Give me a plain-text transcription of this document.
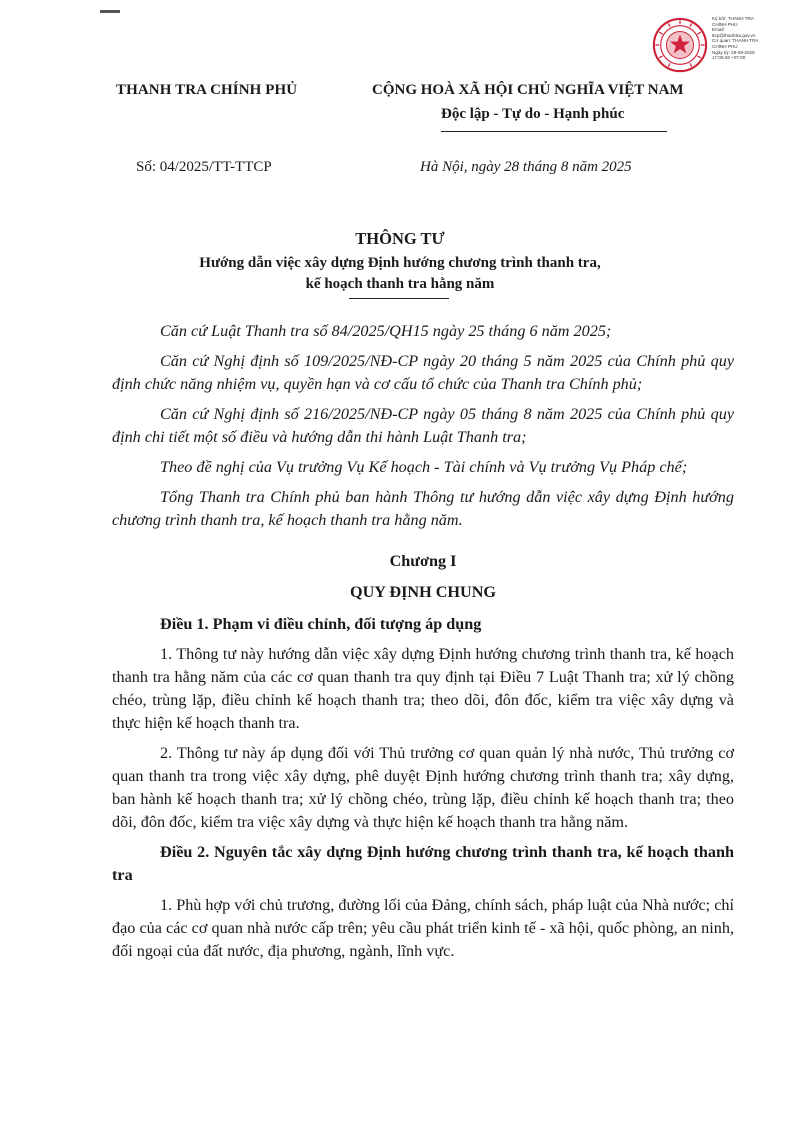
Ký bởi: THANH TRA
CHÍNH PHỦ
Email:
ttcp@thanhtra.gov.vn
Cơ quan: THANH TRA
CHÍNH PHỦ
Ngày ký: 28-08-2025
17:06:48 +07:00
THANH TRA CHÍNH PHỦ	CỘNG HOÀ XÃ HỘI CHỦ NGHĨA VIỆT NAM
Độc lập - Tự do - Hạnh phúc
Số: 04/2025/TT-TTCP	Hà Nội, ngày 28 tháng 8 năm 2025
THÔNG TƯ
Hướng dẫn việc xây dựng Định hướng chương trình thanh tra,
kế hoạch thanh tra hằng năm

Căn cứ Luật Thanh tra số 84/2025/QH15 ngày 25 tháng 6 năm 2025;

Căn cứ Nghị định số 109/2025/NĐ-CP ngày 20 tháng 5 năm 2025 của Chính phủ quy định chức năng nhiệm vụ, quyền hạn và cơ cấu tổ chức của Thanh tra Chính phủ;

Căn cứ Nghị định số 216/2025/NĐ-CP ngày 05 tháng 8 năm 2025 của Chính phủ quy định chi tiết một số điều và hướng dẫn thi hành Luật Thanh tra;

Theo đề nghị của Vụ trưởng Vụ Kế hoạch - Tài chính và Vụ trưởng Vụ Pháp chế;

Tổng Thanh tra Chính phủ ban hành Thông tư hướng dẫn việc xây dựng Định hướng chương trình thanh tra, kế hoạch thanh tra hằng năm.

Chương I

QUY ĐỊNH CHUNG

Điều 1. Phạm vi điều chỉnh, đối tượng áp dụng

1. Thông tư này hướng dẫn việc xây dựng Định hướng chương trình thanh tra, kế hoạch thanh tra hằng năm của các cơ quan thanh tra quy định tại Điều 7 Luật Thanh tra; xử lý chồng chéo, trùng lặp, điều chỉnh kế hoạch thanh tra; theo dõi, đôn đốc, kiểm tra việc xây dựng và thực hiện kế hoạch thanh tra.

2. Thông tư này áp dụng đối với Thủ trưởng cơ quan quản lý nhà nước, Thủ trưởng cơ quan thanh tra trong việc xây dựng, phê duyệt Định hướng chương trình thanh tra; xây dựng, ban hành kế hoạch thanh tra; xử lý chồng chéo, trùng lặp, điều chỉnh kế hoạch thanh tra; theo dõi, đôn đốc, kiểm tra việc xây dựng và thực hiện kế hoạch thanh tra hằng năm.

Điều 2. Nguyên tắc xây dựng Định hướng chương trình thanh tra, kế hoạch thanh tra

1. Phù hợp với chủ trương, đường lối của Đảng, chính sách, pháp luật của Nhà nước; chỉ đạo của các cơ quan nhà nước cấp trên; yêu cầu phát triển kinh tế - xã hội, quốc phòng, an ninh, đối ngoại của đất nước, địa phương, ngành, lĩnh vực.
